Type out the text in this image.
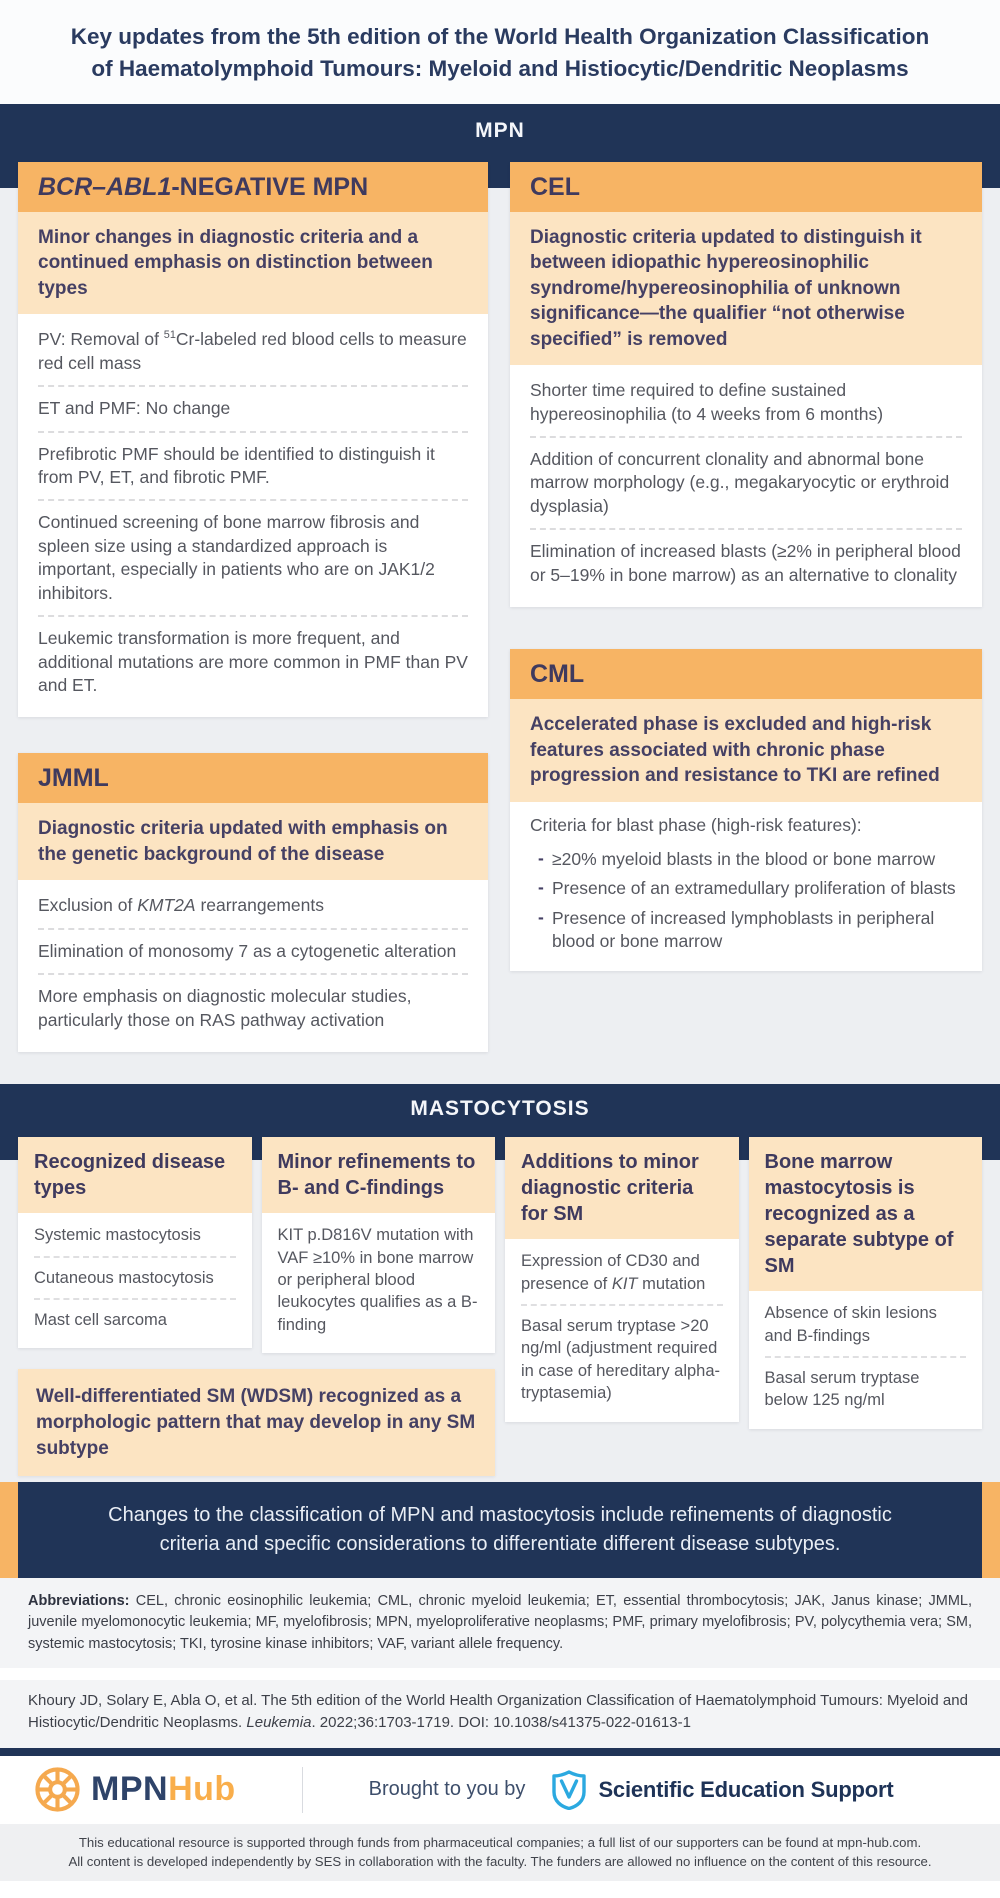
Key updates from the 5th edition of the World Health Organization Classification of Haematolymphoid Tumours: Myeloid and Histiocytic/Dendritic Neoplasms
MPN
BCR–ABL1-NEGATIVE MPN
Minor changes in diagnostic criteria and a continued emphasis on distinction between types
PV: Removal of $^{51}$Cr-labeled red blood cells to measure red cell mass
ET and PMF: No change
Prefibrotic PMF should be identified to distinguish it from PV, ET, and fibrotic PMF.
Continued screening of bone marrow fibrosis and spleen size using a standardized approach is important, especially in patients who are on JAK1/2 inhibitors.
Leukemic transformation is more frequent, and additional mutations are more common in PMF than PV and ET.
JMML
Diagnostic criteria updated with emphasis on the genetic background of the disease
Exclusion of KMT2A rearrangements
Elimination of monosomy 7 as a cytogenetic alteration
More emphasis on diagnostic molecular studies, particularly those on RAS pathway activation
CEL
Diagnostic criteria updated to distinguish it between idiopathic hypereosinophilic syndrome/hypereosinophilia of unknown significance—the qualifier “not otherwise specified” is removed
Shorter time required to define sustained hypereosinophilia (to 4 weeks from 6 months)
Addition of concurrent clonality and abnormal bone marrow morphology (e.g., megakaryocytic or erythroid dysplasia)
Elimination of increased blasts (≥2% in peripheral blood or 5–19% in bone marrow) as an alternative to clonality
CML
Accelerated phase is excluded and high-risk features associated with chronic phase progression and resistance to TKI are refined

Criteria for blast phase (high-risk features):

- ≥20% myeloid blasts in the blood or bone marrow
- Presence of an extramedullary proliferation of blasts
- Presence of increased lymphoblasts in peripheral blood or bone marrow
MASTOCYTOSIS
Recognized disease types
Systemic mastocytosis
Cutaneous mastocytosis
Mast cell sarcoma
Minor refinements to B- and C-findings
KIT p.D816V mutation with VAF ≥10% in bone marrow or peripheral blood leukocytes qualifies as a B-finding
Well-differentiated SM (WDSM) recognized as a morphologic pattern that may develop in any SM subtype
Additions to minor diagnostic criteria for SM
Expression of CD30 and presence of KIT mutation
Basal serum tryptase >20 ng/ml (adjustment required in case of hereditary alpha-tryptasemia)
Bone marrow mastocytosis is recognized as a separate subtype of SM
Absence of skin lesions and B-findings
Basal serum tryptase below 125 ng/ml

Changes to the classification of MPN and mastocytosis include refinements of diagnostic criteria and specific considerations to differentiate different disease subtypes.

Abbreviations: CEL, chronic eosinophilic leukemia; CML, chronic myeloid leukemia; ET, essential thrombocytosis; JAK, Janus kinase; JMML, juvenile myelomonocytic leukemia; MF, myelofibrosis; MPN, myeloproliferative neoplasms; PMF, primary myelofibrosis; PV, polycythemia vera; SM, systemic mastocytosis; TKI, tyrosine kinase inhibitors; VAF, variant allele frequency.
Khoury JD, Solary E, Abla O, et al. The 5th edition of the World Health Organization Classification of Haematolymphoid Tumours: Myeloid and Histiocytic/Dendritic Neoplasms. Leukemia. 2022;36:1703-1719. DOI: 10.1038/s41375-022-01613-1
MPNHub	Brought to you by	Scientific Education Support
This educational resource is supported through funds from pharmaceutical companies; a full list of our supporters can be found at mpn-hub.com.
All content is developed independently by SES in collaboration with the faculty. The funders are allowed no influence on the content of this resource.
